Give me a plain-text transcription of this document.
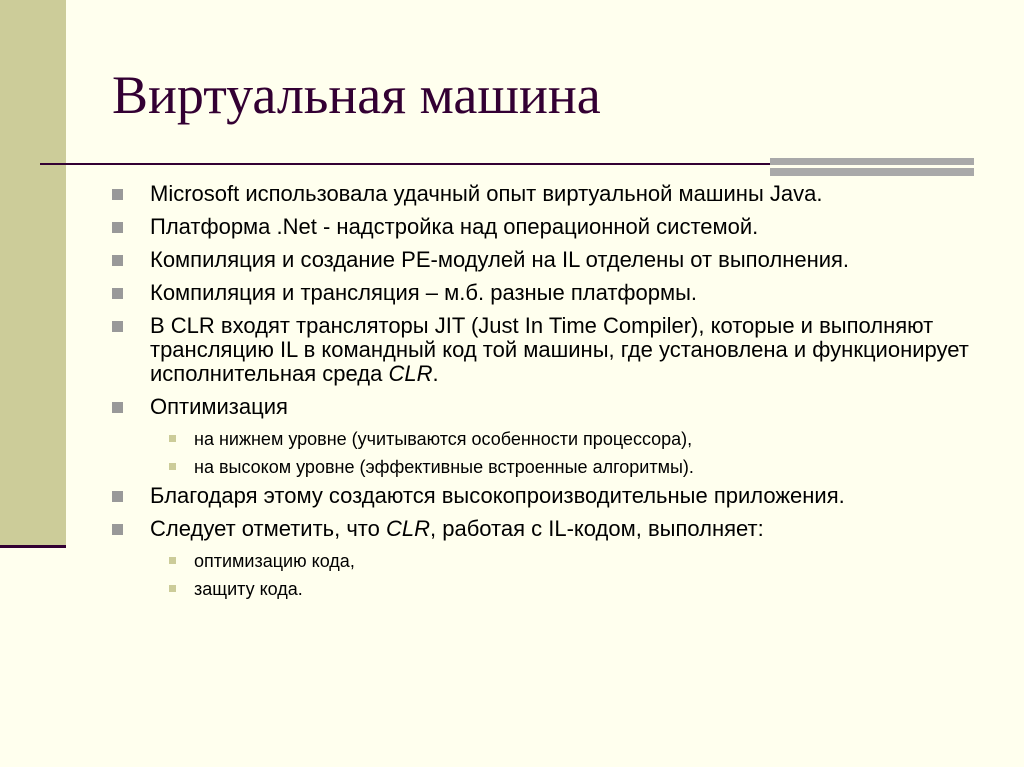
Виртуальная машина
Microsoft использовала удачный опыт виртуальной машины Java.
Платформа .Net - надстройка над операционной системой.
Компиляция и создание PE-модулей на IL отделены от выполнения.
Компиляция и трансляция – м.б. разные платформы.
В CLR входят трансляторы JIT (Just In Time Compiler), которые и выполняют трансляцию IL в командный код той машины, где установлена и функционирует исполнительная среда CLR.
Оптимизация
на нижнем уровне (учитываются особенности процессора),
на высоком уровне (эффективные встроенные алгоритмы).
Благодаря этому создаются высокопроизводительные приложения.
Следует отметить, что CLR, работая с IL-кодом, выполняет:
оптимизацию кода,
защиту кода.
